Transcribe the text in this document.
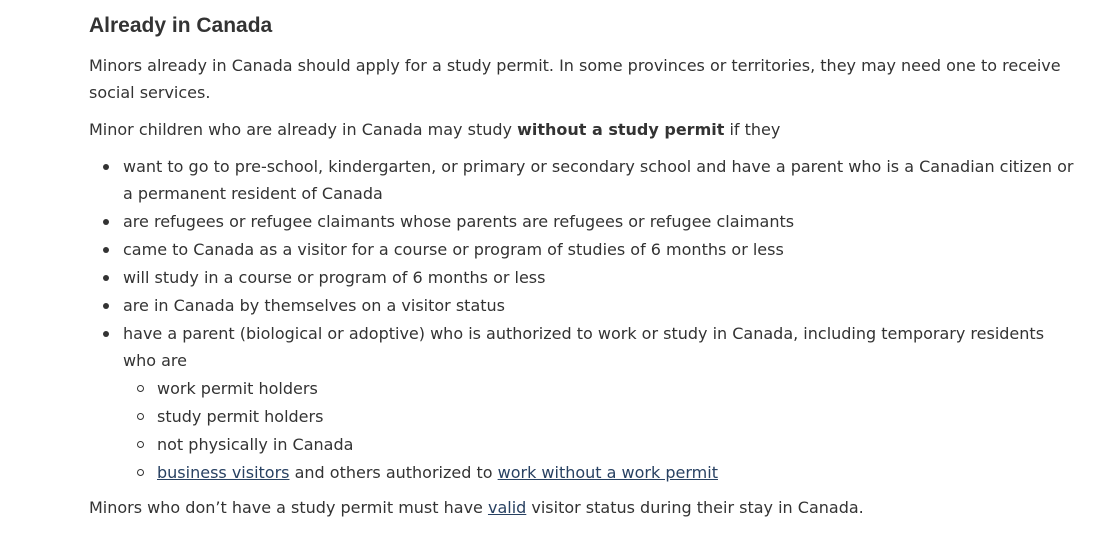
Already in Canada

Minors already in Canada should apply for a study permit. In some provinces or territories, they may need one to receive social services.

Minor children who are already in Canada may study without a study permit if they

want to go to pre-school, kindergarten, or primary or secondary school and have a parent who is a Canadian citizen or a permanent resident of Canada
are refugees or refugee claimants whose parents are refugees or refugee claimants
came to Canada as a visitor for a course or program of studies of 6 months or less
will study in a course or program of 6 months or less
are in Canada by themselves on a visitor status
have a parent (biological or adoptive) who is authorized to work or study in Canada, including temporary residents who are
work permit holders
study permit holders
not physically in Canada
business visitors and others authorized to work without a work permit

Minors who don’t have a study permit must have valid visitor status during their stay in Canada.
